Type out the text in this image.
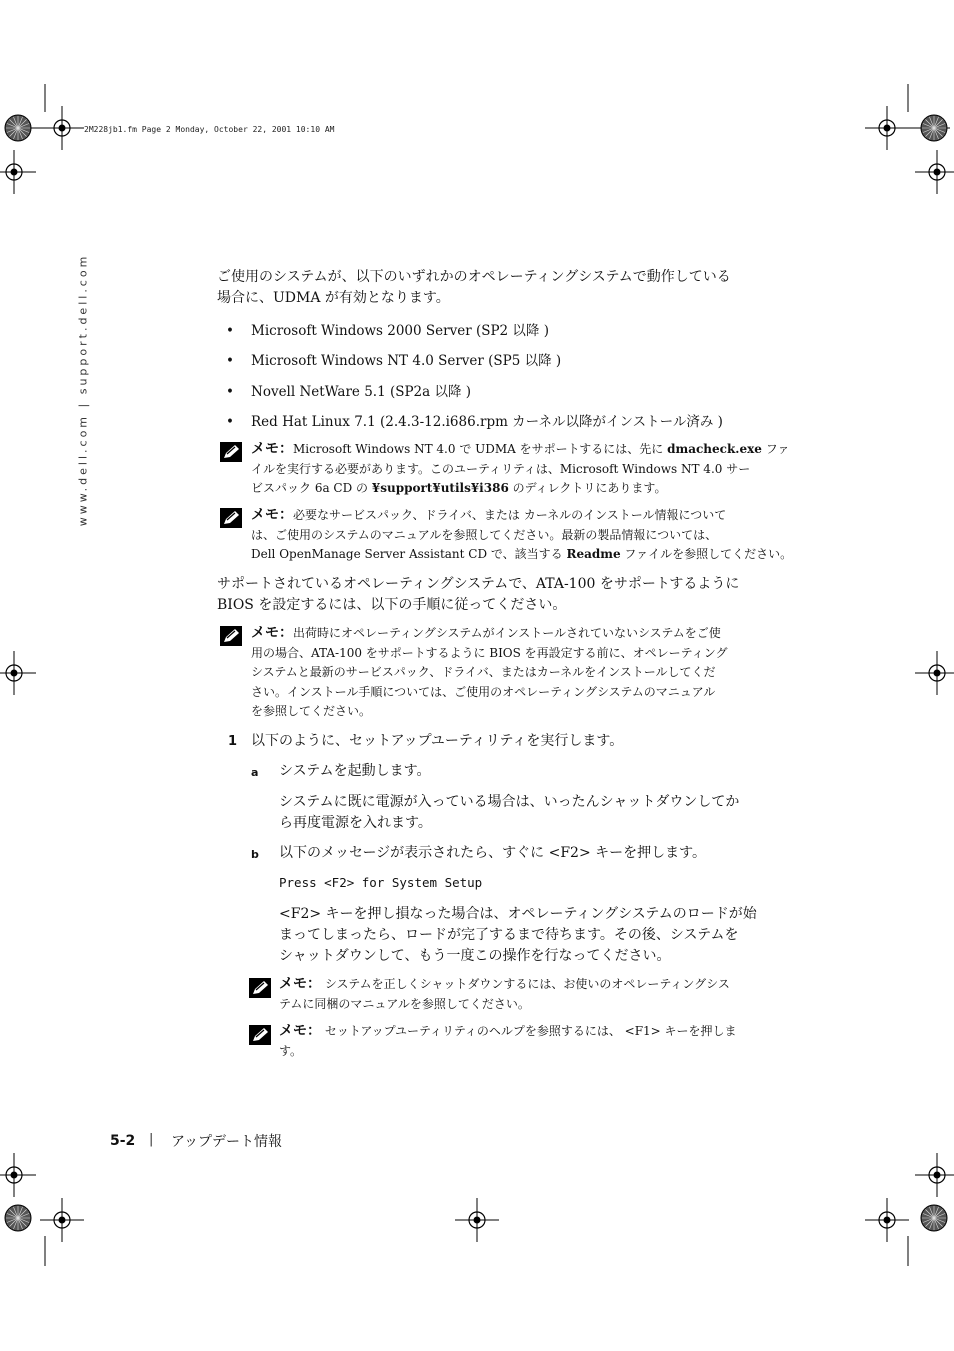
2M228jb1.fm Page 2 Monday, October 22, 2001 10:10 AM
www.dell.com | support.dell.com	ご使用のシステムが、以下のいずれかのオペレーティングシステムで動作している
場合に、UDMA が有効となります。
• Microsoft Windows 2000 Server (SP2 以降 )
• Microsoft Windows NT 4.0 Server (SP5 以降 )
• Novell NetWare 5.1 (SP2a 以降 )
• Red Hat Linux 7.1 (2.4.3-12.i686.rpm カーネル以降がインストール済み )
メモ：Microsoft Windows NT 4.0 で UDMA をサポートするには、先に dmacheck.exe ファ
イルを実行する必要があります。このユーティリティは、Microsoft Windows NT 4.0 サー
ビスパック 6a CD の ¥support¥utils¥i386 のディレクトリにあります。
メモ：必要なサービスパック、ドライバ、または カーネルのインストール情報について
は、ご使用のシステムのマニュアルを参照してください。最新の製品情報については、
Dell OpenManage Server Assistant CD で、該当する Readme ファイルを参照してください。
サポートされているオペレーティングシステムで、ATA-100 をサポートするように
BIOS を設定するには、以下の手順に従ってください。
メモ：出荷時にオペレーティングシステムがインストールされていないシステムをご使
用の場合、ATA-100 をサポートするように BIOS を再設定する前に、オペレーティング
システムと最新のサービスパック、ドライバ、またはカーネルをインストールしてくだ
さい。インストール手順については、ご使用のオペレーティングシステムのマニュアル
を参照してください。
1 以下のように、セットアップユーティリティを実行します。
a システムを起動します。
システムに既に電源が入っている場合は、いったんシャットダウンしてか
ら再度電源を入れます。
b 以下のメッセージが表示されたら、すぐに <F2> キーを押します。
Press <F2> for System Setup
<F2> キーを押し損なった場合は、オペレーティングシステムのロードが始
まってしまったら、ロードが完了するまで待ちます。その後、システムを
シャットダウンして、もう一度この操作を行なってください。
メモ： システムを正しくシャットダウンするには、お使いのオペレーティングシス
テムに同梱のマニュアルを参照してください。
メモ： セットアップユーティリティのヘルプを参照するには、 <F1> キーを押しま
す。
5-2 | アップデート情報
